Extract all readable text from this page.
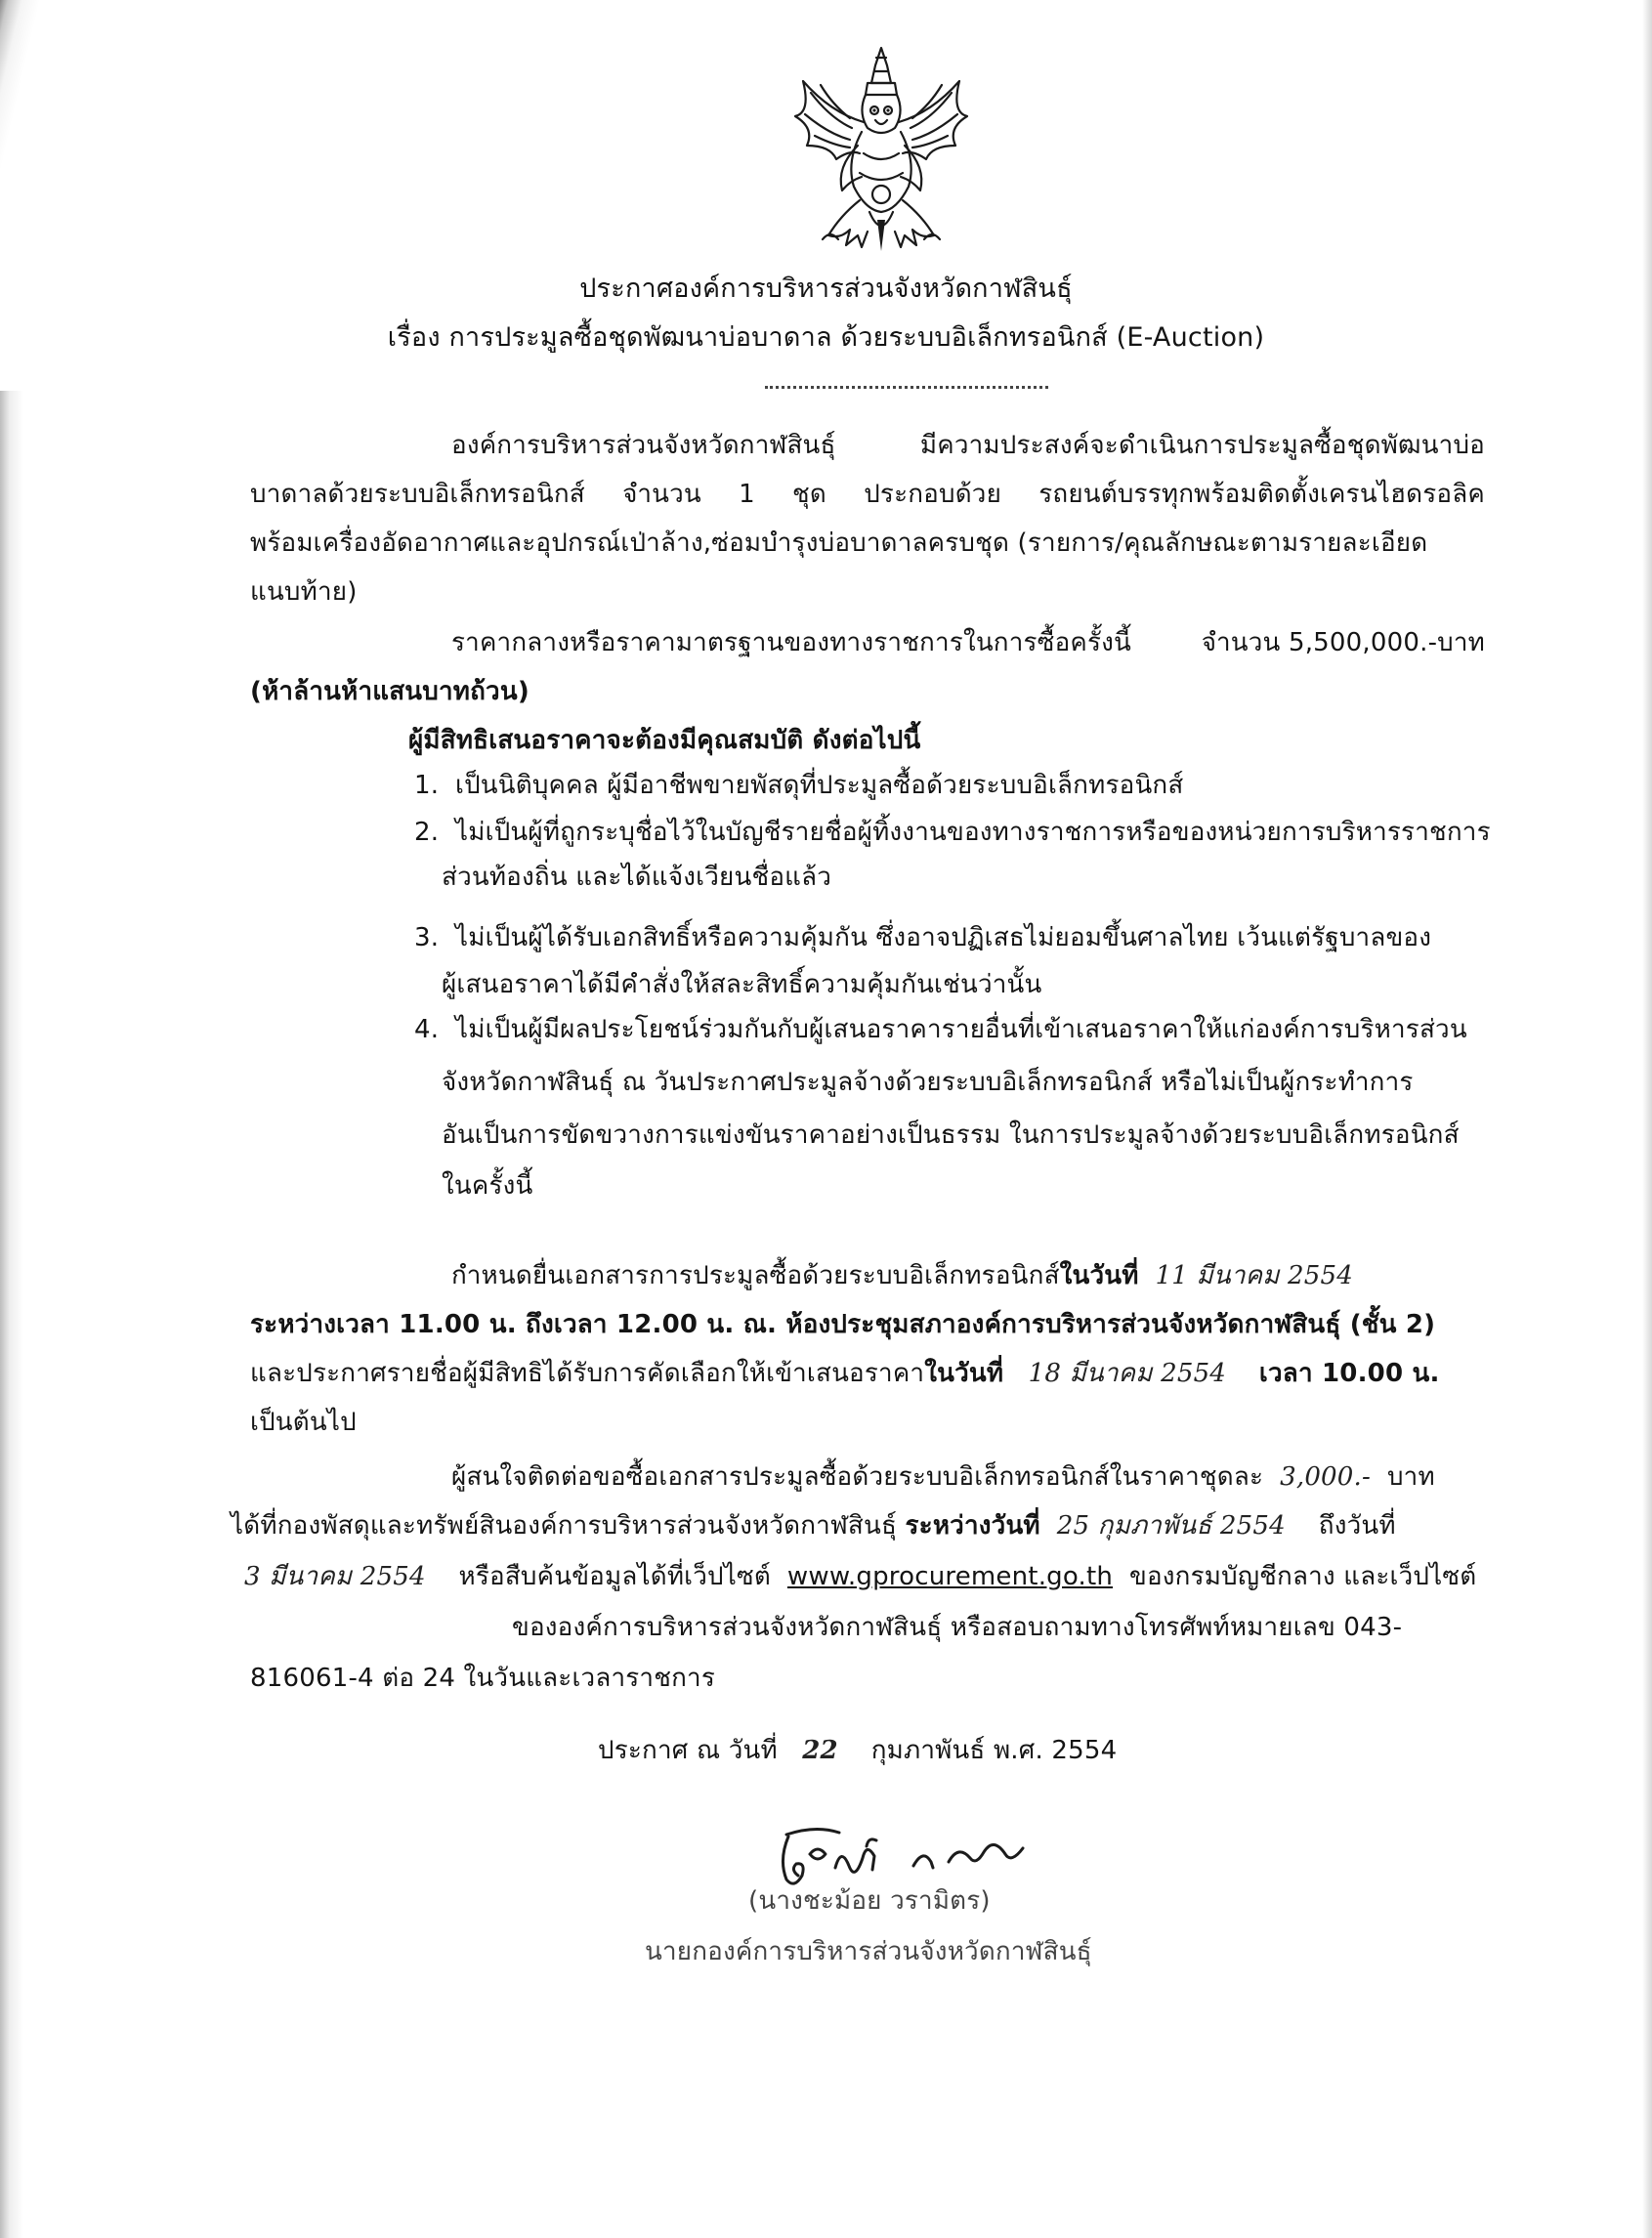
ประกาศองค์การบริหารส่วนจังหวัดกาฬสินธุ์
เรื่อง การประมูลซื้อชุดพัฒนาบ่อบาดาล ด้วยระบบอิเล็กทรอนิกส์ (E-Auction)
องค์การบริหารส่วนจังหวัดกาฬสินธุ์	มีความประสงค์จะดำเนินการประมูลซื้อชุดพัฒนาบ่อ
บาดาลด้วยระบบอิเล็กทรอนิกส์ จำนวน 1 ชุด ประกอบด้วย รถยนต์บรรทุกพร้อมติดตั้งเครนไฮดรอลิค
พร้อมเครื่องอัดอากาศและอุปกรณ์เป่าล้าง,ซ่อมบำรุงบ่อบาดาลครบชุด (รายการ/คุณลักษณะตามรายละเอียด
แนบท้าย)
ราคากลางหรือราคามาตรฐานของทางราชการในการซื้อครั้งนี้	จำนวน 5,500,000.-บาท
(ห้าล้านห้าแสนบาทถ้วน)
ผู้มีสิทธิเสนอราคาจะต้องมีคุณสมบัติ ดังต่อไปนี้
1. เป็นนิติบุคคล ผู้มีอาชีพขายพัสดุที่ประมูลซื้อด้วยระบบอิเล็กทรอนิกส์
2. ไม่เป็นผู้ที่ถูกระบุชื่อไว้ในบัญชีรายชื่อผู้ทิ้งงานของทางราชการหรือของหน่วยการบริหารราชการ
ส่วนท้องถิ่น และได้แจ้งเวียนชื่อแล้ว
3. ไม่เป็นผู้ได้รับเอกสิทธิ์หรือความคุ้มกัน ซึ่งอาจปฏิเสธไม่ยอมขึ้นศาลไทย เว้นแต่รัฐบาลของ
ผู้เสนอราคาได้มีคำสั่งให้สละสิทธิ์ความคุ้มกันเช่นว่านั้น
4. ไม่เป็นผู้มีผลประโยชน์ร่วมกันกับผู้เสนอราคารายอื่นที่เข้าเสนอราคาให้แก่องค์การบริหารส่วน
จังหวัดกาฬสินธุ์ ณ วันประกาศประมูลจ้างด้วยระบบอิเล็กทรอนิกส์ หรือไม่เป็นผู้กระทำการ
อันเป็นการขัดขวางการแข่งขันราคาอย่างเป็นธรรม ในการประมูลจ้างด้วยระบบอิเล็กทรอนิกส์
ในครั้งนี้
กำหนดยื่นเอกสารการประมูลซื้อด้วยระบบอิเล็กทรอนิกส์ในวันที่ 11 มีนาคม 2554
ระหว่างเวลา 11.00 น. ถึงเวลา 12.00 น. ณ. ห้องประชุมสภาองค์การบริหารส่วนจังหวัดกาฬสินธุ์ (ชั้น 2)
และประกาศรายชื่อผู้มีสิทธิได้รับการคัดเลือกให้เข้าเสนอราคาในวันที่ 18 มีนาคม 2554 เวลา 10.00 น.
เป็นต้นไป
ผู้สนใจติดต่อขอซื้อเอกสารประมูลซื้อด้วยระบบอิเล็กทรอนิกส์ในราคาชุดละ 3,000.- บาท
ได้ที่กองพัสดุและทรัพย์สินองค์การบริหารส่วนจังหวัดกาฬสินธุ์ ระหว่างวันที่ 25 กุมภาพันธ์ 2554 ถึงวันที่
3 มีนาคม 2554 หรือสืบค้นข้อมูลได้ที่เว็ปไซต์ www.gprocurement.go.th ของกรมบัญชีกลาง และเว็ปไซต์
ขององค์การบริหารส่วนจังหวัดกาฬสินธุ์ หรือสอบถามทางโทรศัพท์หมายเลข 043-
816061-4 ต่อ 24 ในวันและเวลาราชการ
ประกาศ ณ วันที่ 22 กุมภาพันธ์ พ.ศ. 2554
(นางชะม้อย วรามิตร)
นายกองค์การบริหารส่วนจังหวัดกาฬสินธุ์
